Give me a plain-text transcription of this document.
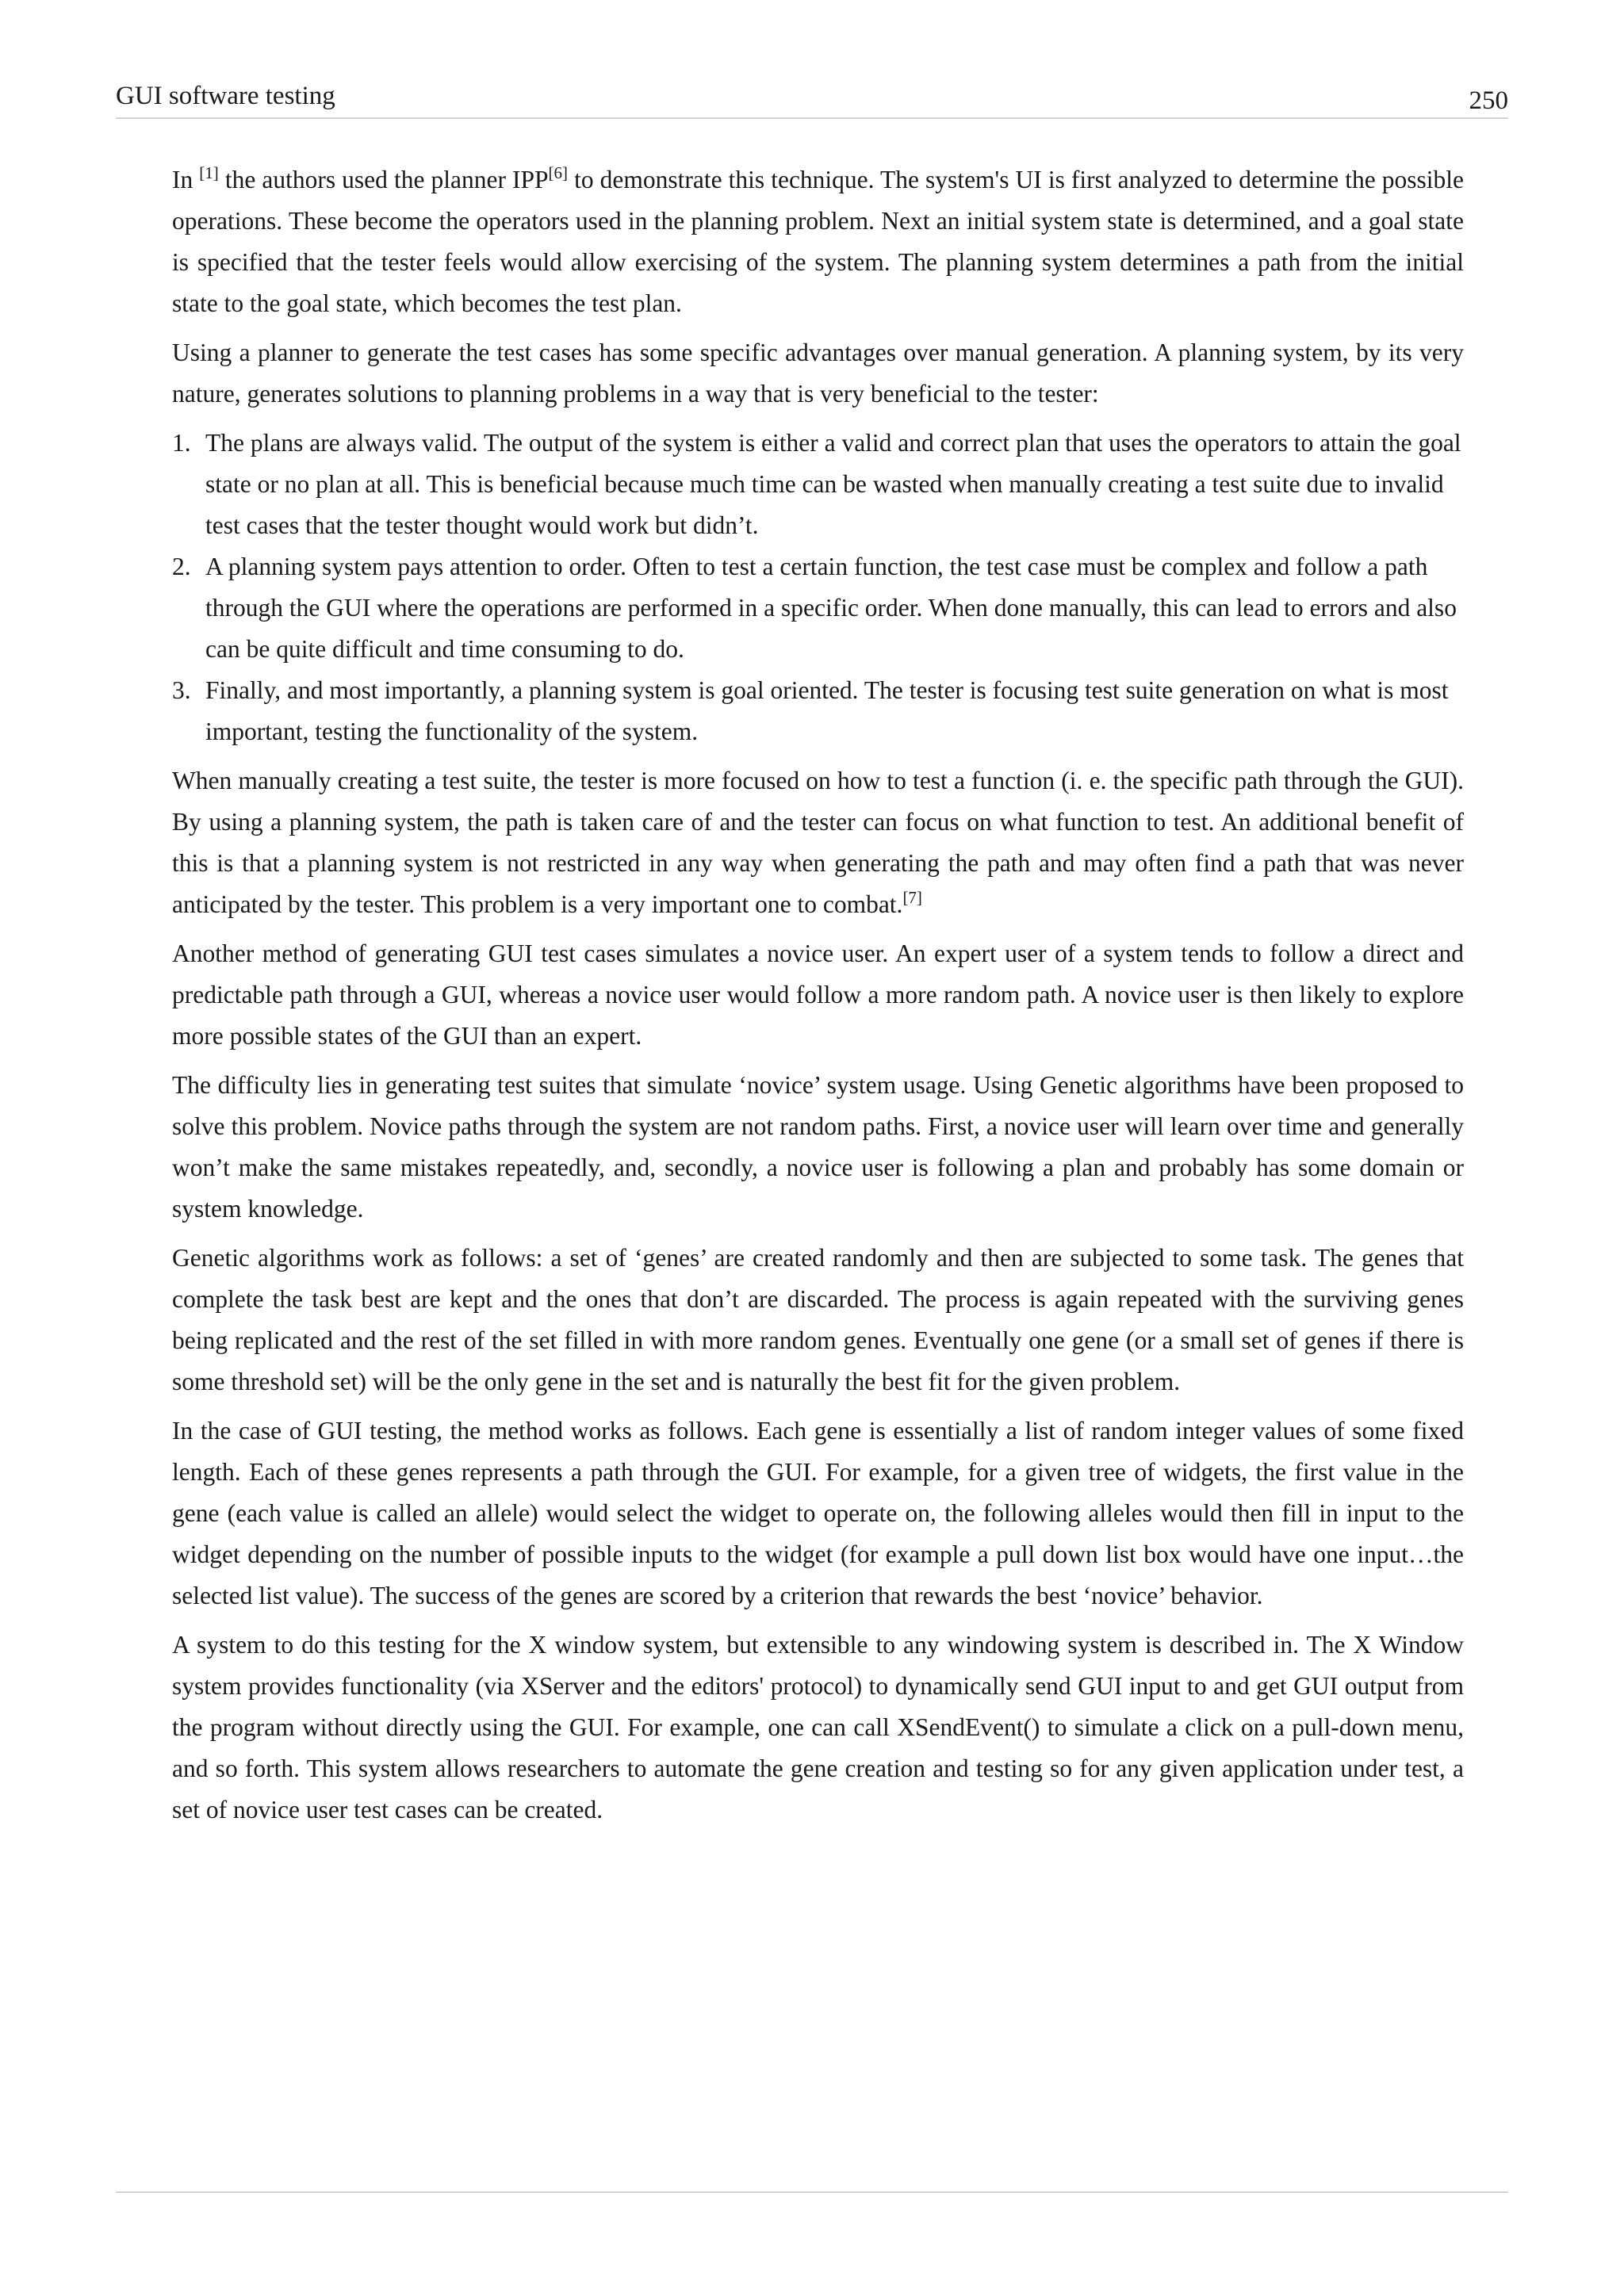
GUI software testing	250

In [1] the authors used the planner IPP[6] to demonstrate this technique. The system's UI is first analyzed to determine the possible operations. These become the operators used in the planning problem. Next an initial system state is determined, and a goal state is specified that the tester feels would allow exercising of the system. The planning system determines a path from the initial state to the goal state, which becomes the test plan.

Using a planner to generate the test cases has some specific advantages over manual generation. A planning system, by its very nature, generates solutions to planning problems in a way that is very beneficial to the tester:

1. The plans are always valid. The output of the system is either a valid and correct plan that uses the operators to attain the goal state or no plan at all. This is beneficial because much time can be wasted when manually creating a test suite due to invalid test cases that the tester thought would work but didn’t.
2. A planning system pays attention to order. Often to test a certain function, the test case must be complex and follow a path through the GUI where the operations are performed in a specific order. When done manually, this can lead to errors and also can be quite difficult and time consuming to do.
3. Finally, and most importantly, a planning system is goal oriented. The tester is focusing test suite generation on what is most important, testing the functionality of the system.

When manually creating a test suite, the tester is more focused on how to test a function (i. e. the specific path through the GUI). By using a planning system, the path is taken care of and the tester can focus on what function to test. An additional benefit of this is that a planning system is not restricted in any way when generating the path and may often find a path that was never anticipated by the tester. This problem is a very important one to combat.[7]

Another method of generating GUI test cases simulates a novice user. An expert user of a system tends to follow a direct and predictable path through a GUI, whereas a novice user would follow a more random path. A novice user is then likely to explore more possible states of the GUI than an expert.

The difficulty lies in generating test suites that simulate ‘novice’ system usage. Using Genetic algorithms have been proposed to solve this problem. Novice paths through the system are not random paths. First, a novice user will learn over time and generally won’t make the same mistakes repeatedly, and, secondly, a novice user is following a plan and probably has some domain or system knowledge.

Genetic algorithms work as follows: a set of ‘genes’ are created randomly and then are subjected to some task. The genes that complete the task best are kept and the ones that don’t are discarded. The process is again repeated with the surviving genes being replicated and the rest of the set filled in with more random genes. Eventually one gene (or a small set of genes if there is some threshold set) will be the only gene in the set and is naturally the best fit for the given problem.

In the case of GUI testing, the method works as follows. Each gene is essentially a list of random integer values of some fixed length. Each of these genes represents a path through the GUI. For example, for a given tree of widgets, the first value in the gene (each value is called an allele) would select the widget to operate on, the following alleles would then fill in input to the widget depending on the number of possible inputs to the widget (for example a pull down list box would have one input…the selected list value). The success of the genes are scored by a criterion that rewards the best ‘novice’ behavior.

A system to do this testing for the X window system, but extensible to any windowing system is described in. The X Window system provides functionality (via XServer and the editors' protocol) to dynamically send GUI input to and get GUI output from the program without directly using the GUI. For example, one can call XSendEvent() to simulate a click on a pull-down menu, and so forth. This system allows researchers to automate the gene creation and testing so for any given application under test, a set of novice user test cases can be created.
